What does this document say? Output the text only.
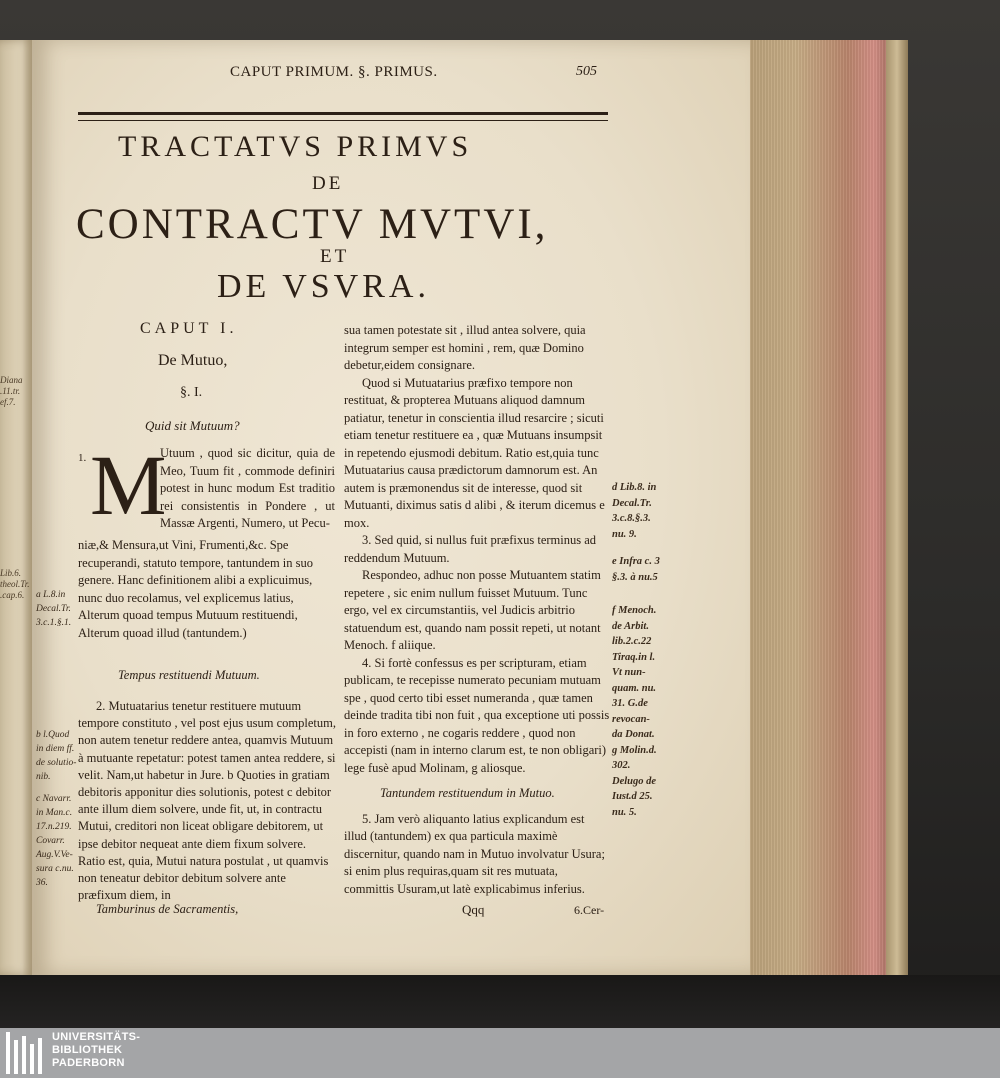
Diana
.11.tr.
ef.7.
Lib.6.
theol.Tr.
.cap.6.
CAPUT PRIMUM. §. PRIMUS.	505
TRACTATVS PRIMVS
DE
CONTRACTV MVTVI,
ET
DE VSVRA.
CAPUT I.
De Mutuo,
§. I.
Quid sit Mutuum?
1. M
Utuum , quod sic dicitur, quia de Meo, Tuum fit , commode definiri potest in hunc modum Est traditio rei consistentis in Pondere , ut Massæ Argenti, Numero, ut Pecu-
niæ,& Mensura,ut Vini, Frumenti,&c. Spe recuperandi, statuto tempore, tantundem in suo genere. Hanc definitionem alibi a explicuimus, nunc duo recolamus, vel explicemus latius, Alterum quoad tempus Mutuum restituendi, Alterum quoad illud (tantundem.)
Tempus restituendi Mutuum.
2. Mutuatarius tenetur restituere mutuum tempore constituto , vel post ejus usum completum, non autem tenetur reddere antea, quamvis Mutuum à mutuante repetatur: potest tamen antea reddere, si velit. Nam,ut habetur in Jure. b Quoties in gratiam debitoris apponitur dies solutionis, potest c debitor ante illum diem solvere, unde fit, ut, in contractu Mutui, creditori non liceat obligare debitorem, ut ipse debitor nequeat ante diem fixum solvere. Ratio est, quia, Mutui natura postulat , ut quamvis non teneatur debitor debitum solvere ante præfixum diem, in
Tamburinus de Sacramentis,
a L.8.in
Decal.Tr.
3.c.1.§.1.
b l.Quod
in diem ff.
de solutio-
nib.
c Navarr.
in Man.c.
17.n.219.
Covarr.
Aug.V.Ve-
sura c.nu.
36.

sua tamen potestate sit , illud antea solvere, quia integrum semper est homini , rem, quæ Domino debetur,eidem consignare.

Quod si Mutuatarius præfixo tempore non restituat, & propterea Mutuans aliquod damnum patiatur, tenetur in conscientia illud resarcire ; sicuti etiam tenetur restituere ea , quæ Mutuans insumpsit in repetendo ejusmodi debitum. Ratio est,quia tunc Mutuatarius causa prædictorum damnorum est. An autem is præmonendus sit de interesse, quod sit Mutuanti, diximus satis d alibi , & iterum dicemus e mox.

3. Sed quid, si nullus fuit præfixus terminus ad reddendum Mutuum.

Respondeo, adhuc non posse Mutuantem statim repetere , sic enim nullum fuisset Mutuum. Tunc ergo, vel ex circumstantiis, vel Judicis arbitrio statuendum est, quando nam possit repeti, ut notant Menoch. f aliique.

4. Si fortè confessus es per scripturam, etiam publicam, te recepisse numerato pecuniam mutuam spe , quod certo tibi esset numeranda , quæ tamen deinde tradita tibi non fuit , qua exceptione uti possis in foro externo , ne cogaris reddere , quod non accepisti (nam in interno clarum est, te non obligari) lege fusè apud Molinam, g aliosque.

Tantundem restituendum in Mutuo.

5. Jam verò aliquanto latius explicandum est illud (tantundem) ex qua particula maximè discernitur, quando nam in Mutuo involvatur Usura; si enim plus requiras,quam sit res mutuata, committis Usuram,ut latè explicabimus inferius.

d Lib.8. in
Decal.Tr.
3.c.8.§.3.
nu. 9.
e Infra c. 3
§.3. à nu.5
f Menoch.
de Arbit.
lib.2.c.22
Tiraq.in l.
Vt nun-
quam. nu.
31. G.de
revocan-
da Donat.
g Molin.d.
302.
Delugo de
Iust.d 25.
nu. 5.
Qqq	6.Cer-
UNIVERSITÄTS-
BIBLIOTHEK
PADERBORN
